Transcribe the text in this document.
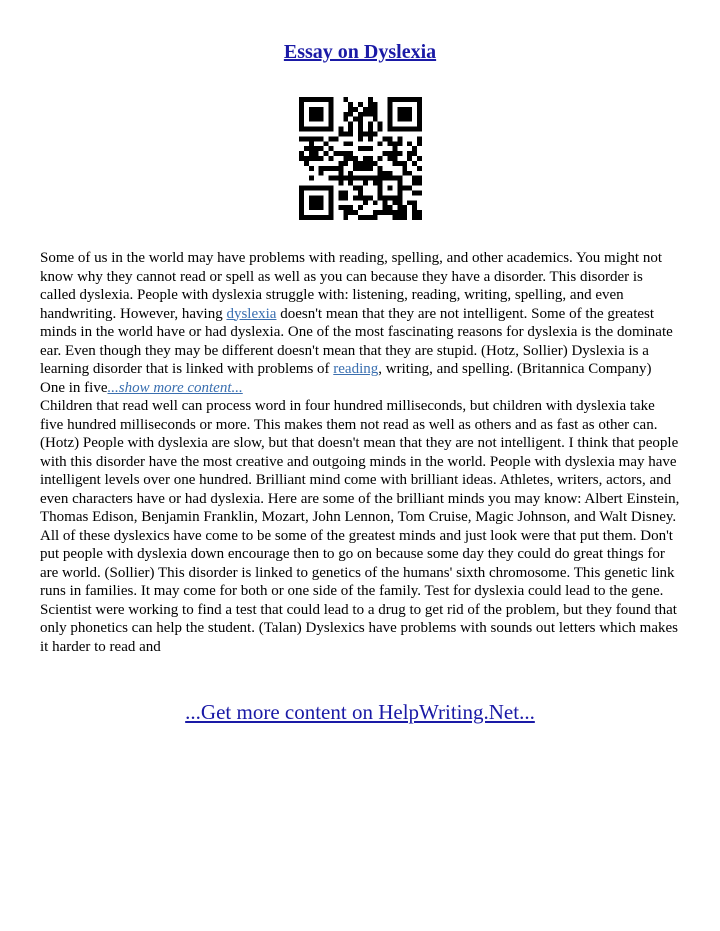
Essay on Dyslexia

Some of us in the world may have problems with reading, spelling, and other academics. You might not know why they cannot read or spell as well as you can because they have a disorder. This disorder is called dyslexia. People with dyslexia struggle with: listening, reading, writing, spelling, and even handwriting. However, having dyslexia doesn't mean that they are not intelligent. Some of the greatest minds in the world have or had dyslexia. One of the most fascinating reasons for dyslexia is the dominate ear. Even though they may be different doesn't mean that they are stupid. (Hotz, Sollier) Dyslexia is a learning disorder that is linked with problems of reading, writing, and spelling. (Britannica Company) One in five...show more content...

Children that read well can process word in four hundred milliseconds, but children with dyslexia take five hundred milliseconds or more. This makes them not read as well as others and as fast as other can. (Hotz) People with dyslexia are slow, but that doesn't mean that they are not intelligent. I think that people with this disorder have the most creative and outgoing minds in the world. People with dyslexia may have intelligent levels over one hundred. Brilliant mind come with brilliant ideas. Athletes, writers, actors, and even characters have or had dyslexia. Here are some of the brilliant minds you may know: Albert Einstein, Thomas Edison, Benjamin Franklin, Mozart, John Lennon, Tom Cruise, Magic Johnson, and Walt Disney. All of these dyslexics have come to be some of the greatest minds and just look were that put them. Don't put people with dyslexia down encourage then to go on because some day they could do great things for are world. (Sollier) This disorder is linked to genetics of the humans' sixth chromosome. This genetic link runs in families. It may come for both or one side of the family. Test for dyslexia could lead to the gene. Scientist were working to find a test that could lead to a drug to get rid of the problem, but they found that only phonetics can help the student. (Talan) Dyslexics have problems with sounds out letters which makes it harder to read and

...Get more content on HelpWriting.Net...
